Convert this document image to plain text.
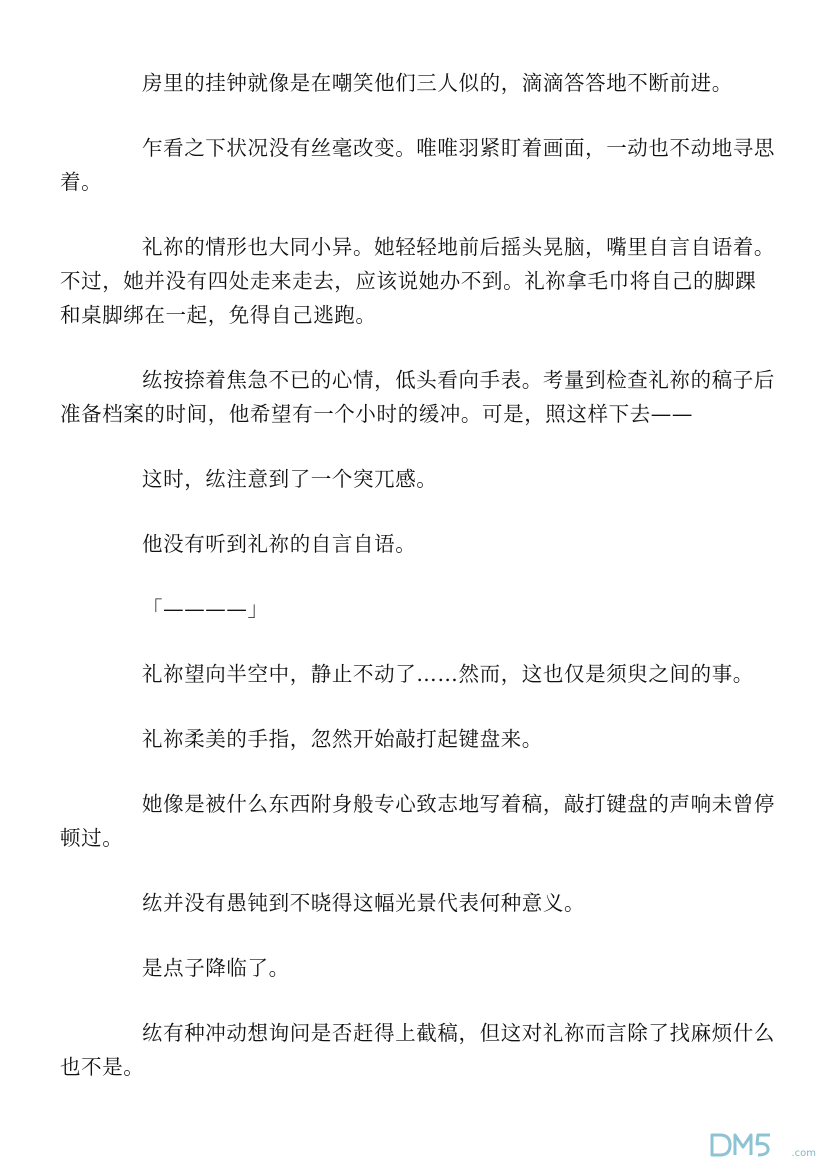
房里的挂钟就像是在嘲笑他们三人似的，滴滴答答地不断前进。

乍看之下状况没有丝毫改变。唯唯羽紧盯着画面，一动也不动地寻思着。

礼祢的情形也大同小异。她轻轻地前后摇头晃脑，嘴里自言自语着。不过，她并没有四处走来走去，应该说她办不到。礼祢拿毛巾将自己的脚踝和桌脚绑在一起，免得自己逃跑。

纮按捺着焦急不已的心情，低头看向手表。考量到检查礼祢的稿子后准备档案的时间，他希望有一个小时的缓冲。可是，照这样下去——

这时，纮注意到了一个突兀感。

他没有听到礼祢的自言自语。

「————」

礼祢望向半空中，静止不动了……然而，这也仅是须臾之间的事。

礼祢柔美的手指，忽然开始敲打起键盘来。

她像是被什么东西附身般专心致志地写着稿，敲打键盘的声响未曾停顿过。

纮并没有愚钝到不晓得这幅光景代表何种意义。

是点子降临了。

纮有种冲动想询问是否赶得上截稿，但这对礼祢而言除了找麻烦什么也不是。

.com
